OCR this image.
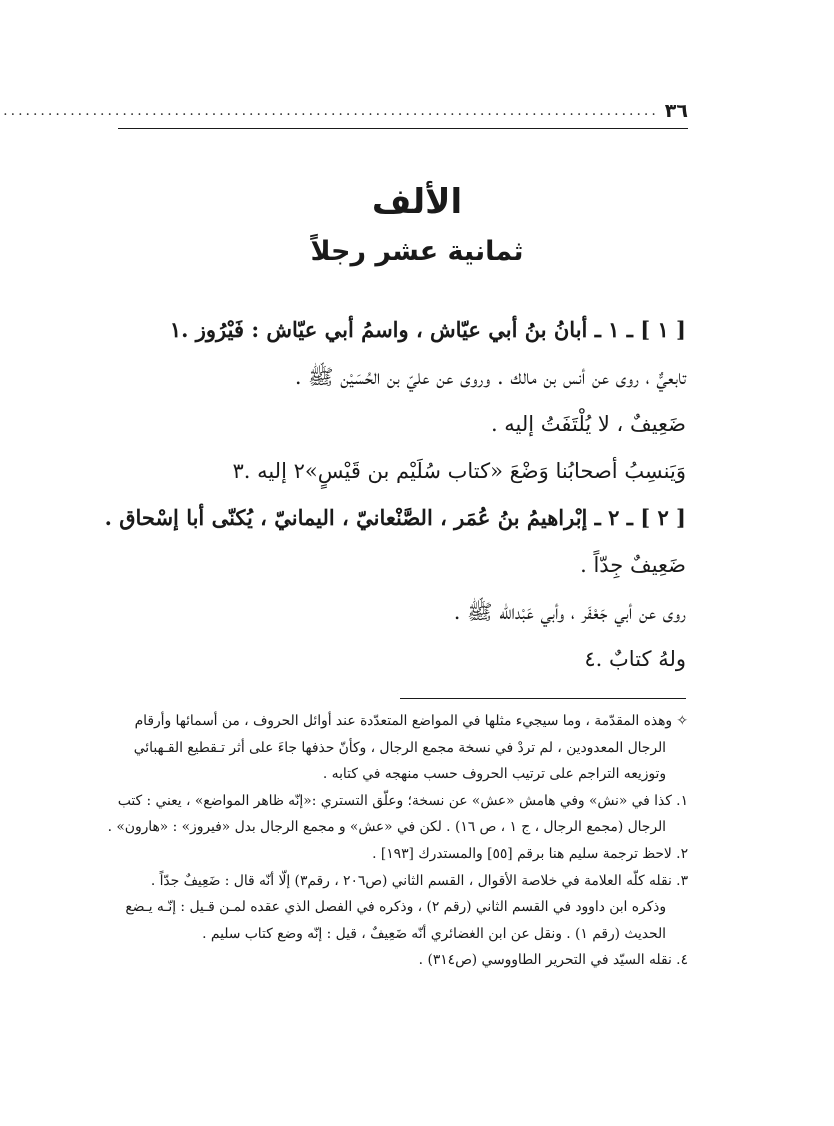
٣٦
........................................................................................
الألف
ثمانية عشر رجلاً
[ ١ ] ـ ١ ـ أبانُ بنُ أبي عيّاش ، واسمُ أبي عيّاش : فَيْرُوز .١
تابعيٌّ ، روى عن أنس بن مالك . وروى عن عليّ بن الحُسَيْن ﷺ .
ضَعِيفٌ ، لا يُلْتَفَتُ إليه .
وَيَنسِبُ أصحابُنا وَضْعَ «كتاب سُلَيْم بن قَيْسٍ»٢ إليه .٣
[ ٢ ] ـ ٢ ـ إبْراهيمُ بنُ عُمَر ، الصَّنْعانيّ ، اليمانيّ ، يُكنّى أبا إسْحاق .
ضَعِيفٌ جِدّاً .
روى عن أبي جَعْفَر ، وأبي عَبْدالله ﷺ .
ولهُ كتابٌ .٤
✧ وهذه المقدّمة ، وما سيجيء مثلها في المواضع المتعدّدة عند أوائل الحروف ، من أسمائها وأرقام
الرجال المعدودين ، لم تردْ في نسخة مجمع الرجال ، وكأنّ حذفها جاءَ على أثر تـقطيع القـهبائي
وتوزيعه التراجم على ترتيب الحروف حسب منهجه في كتابه .
١. كذا في «نش» وفي هامش «عش» عن نسخة؛ وعلّق التستري :«إنّه ظاهر المواضع» ، يعني : كتب
الرجال (مجمع الرجال ، ج ١ ، ص ١٦) . لكن في «عش» و مجمع الرجال بدل «فيروز» : «هارون» .
٢. لاحظ ترجمة سليم هنا برقم [٥٥] والمستدرك [١٩٣] .
٣. نقله كلّه العلامة في خلاصة الأقوال ، القسم الثاني (ص٢٠٦ ، رقم٣) إلّا أنّه قال : ضَعِيفٌ جدّاً .
وذكره ابن داوود في القسم الثاني (رقم ٢) ، وذكره في الفصل الذي عقده لمـن قـيل : إنّـه يـضع
الحديث (رقم ١) . ونقل عن ابن الغضائري أنّه ضَعِيفٌ ، قيل : إنّه وضع كتاب سليم .
٤. نقله السيّد في التحرير الطاووسي (ص٣١٤) .
